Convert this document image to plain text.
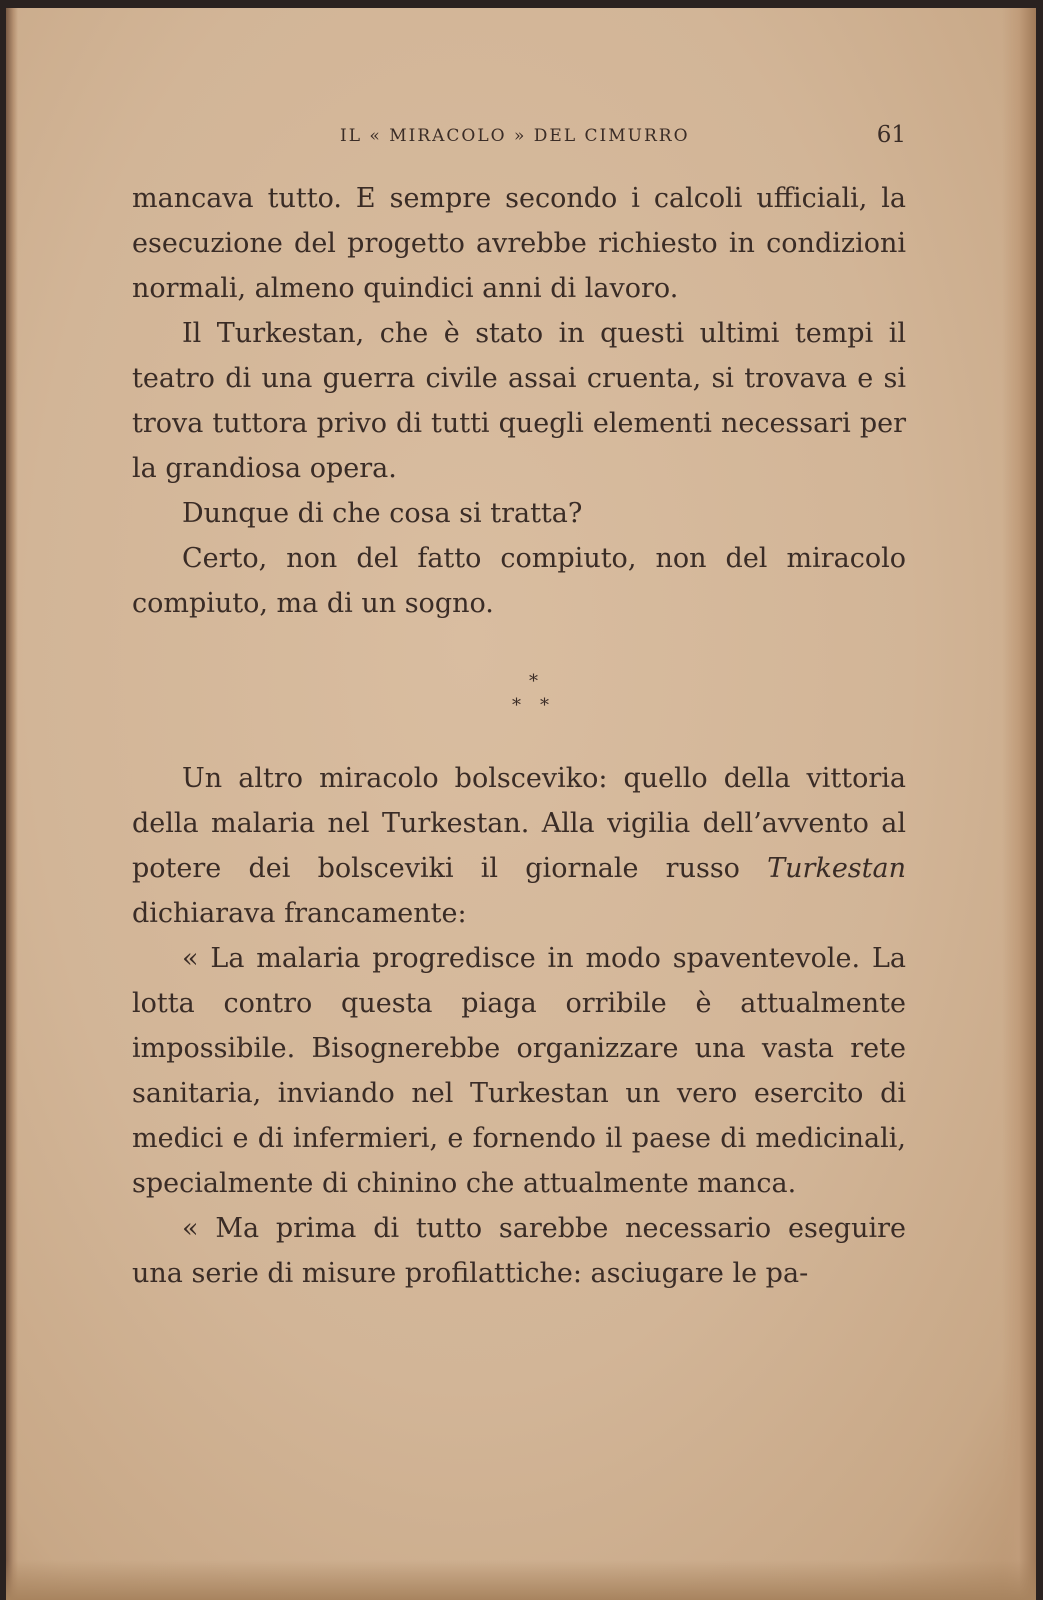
IL « MIRACOLO » DEL CIMURRO	61

mancava tutto. E sempre secondo i calcoli ufficiali, la esecuzione del progetto avrebbe richiesto in condizioni normali, almeno quindici anni di lavoro.

Il Turkestan, che è stato in questi ultimi tempi il teatro di una guerra civile assai cruenta, si trovava e si trova tuttora privo di tutti quegli elementi necessari per la grandiosa opera.

Dunque di che cosa si tratta?

Certo, non del fatto compiuto, non del miracolo compiuto, ma di un sogno.

*
* *

Un altro miracolo bolsceviko: quello della vittoria della malaria nel Turkestan. Alla vigilia dell’avvento al potere dei bolsceviki il giornale russo Turkestan dichiarava francamente:

« La malaria progredisce in modo spaventevole. La lotta contro questa piaga orribile è attualmente impossibile. Bisognerebbe organizzare una vasta rete sanitaria, inviando nel Turkestan un vero esercito di medici e di infermieri, e fornendo il paese di medicinali, specialmente di chinino che attualmente manca.

« Ma prima di tutto sarebbe necessario eseguire una serie di misure profilattiche: asciugare le pa-
